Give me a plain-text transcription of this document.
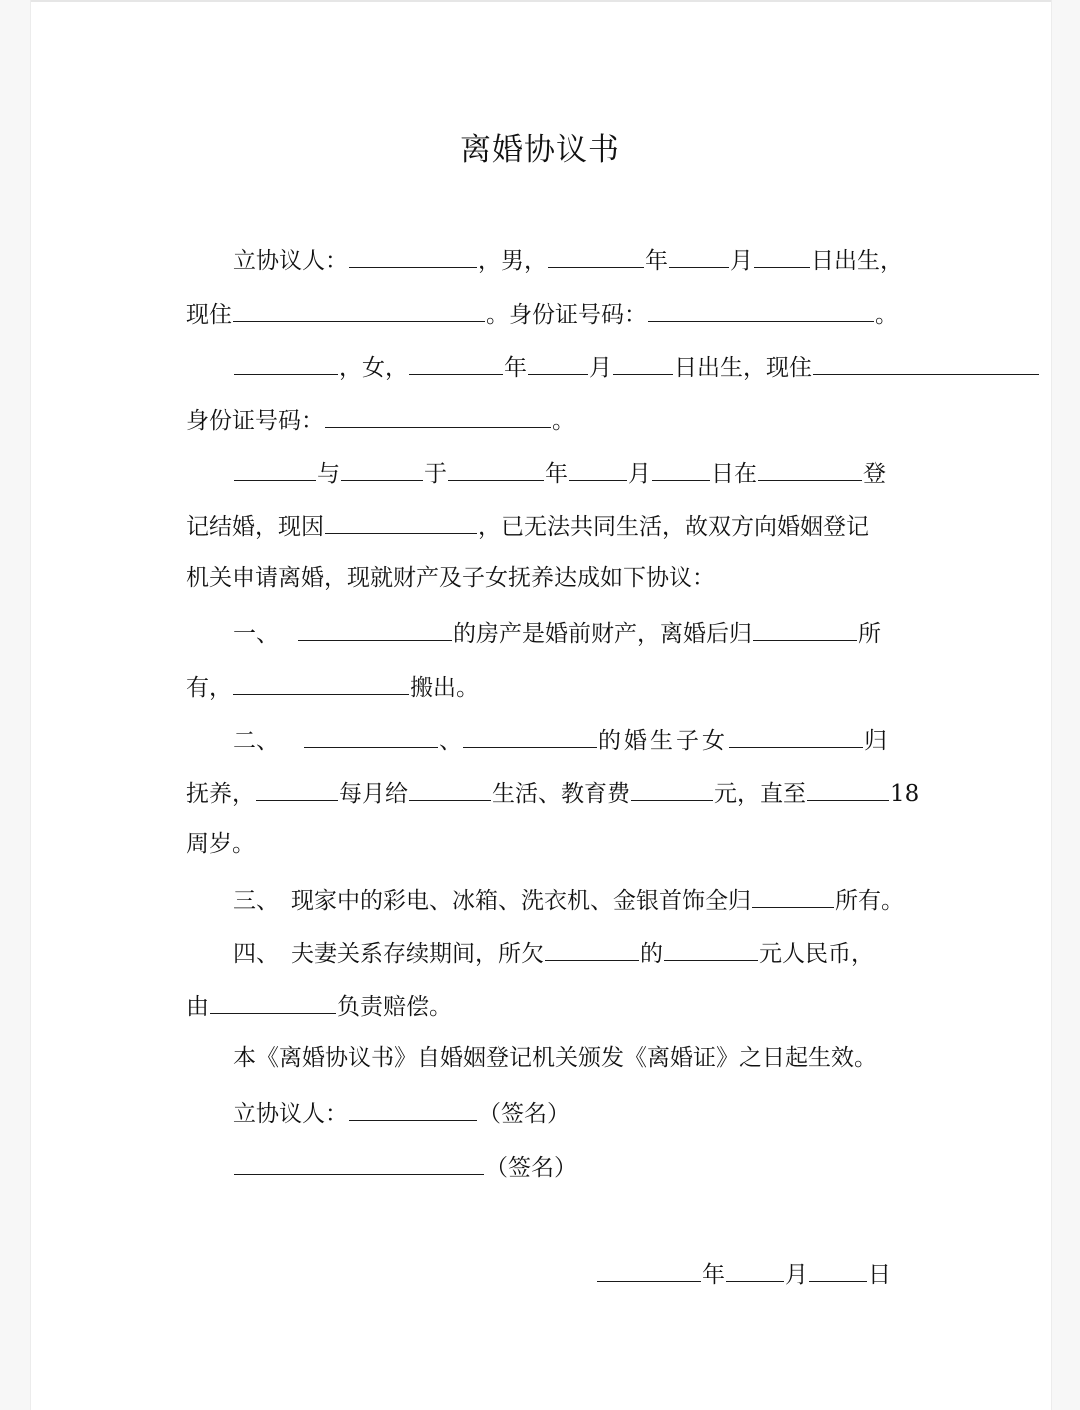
离婚协议书
立协议人：	，男，	年	月	日出生，
现住	。身份证号码：	。
，女，	年	月	日出生，现住
身份证号码：	。
与	于	年	月	日在	登
记结婚，现因	，已无法共同生活，故双方向婚姻登记
机关申请离婚，现就财产及子女抚养达成如下协议：
一、	的房产是婚前财产，离婚后归	所
有，	搬出。
二、	、	的婚生子女	归
抚养，	每月给	生活、教育费	元，直至	18
周岁。
三、 现家中的彩电、冰箱、洗衣机、金银首饰全归	所有。
四、 夫妻关系存续期间，所欠	的	元人民币，
由	负责赔偿。
本《离婚协议书》自婚姻登记机关颁发《离婚证》之日起生效。
立协议人：	（签名）
（签名）
年	月	日
